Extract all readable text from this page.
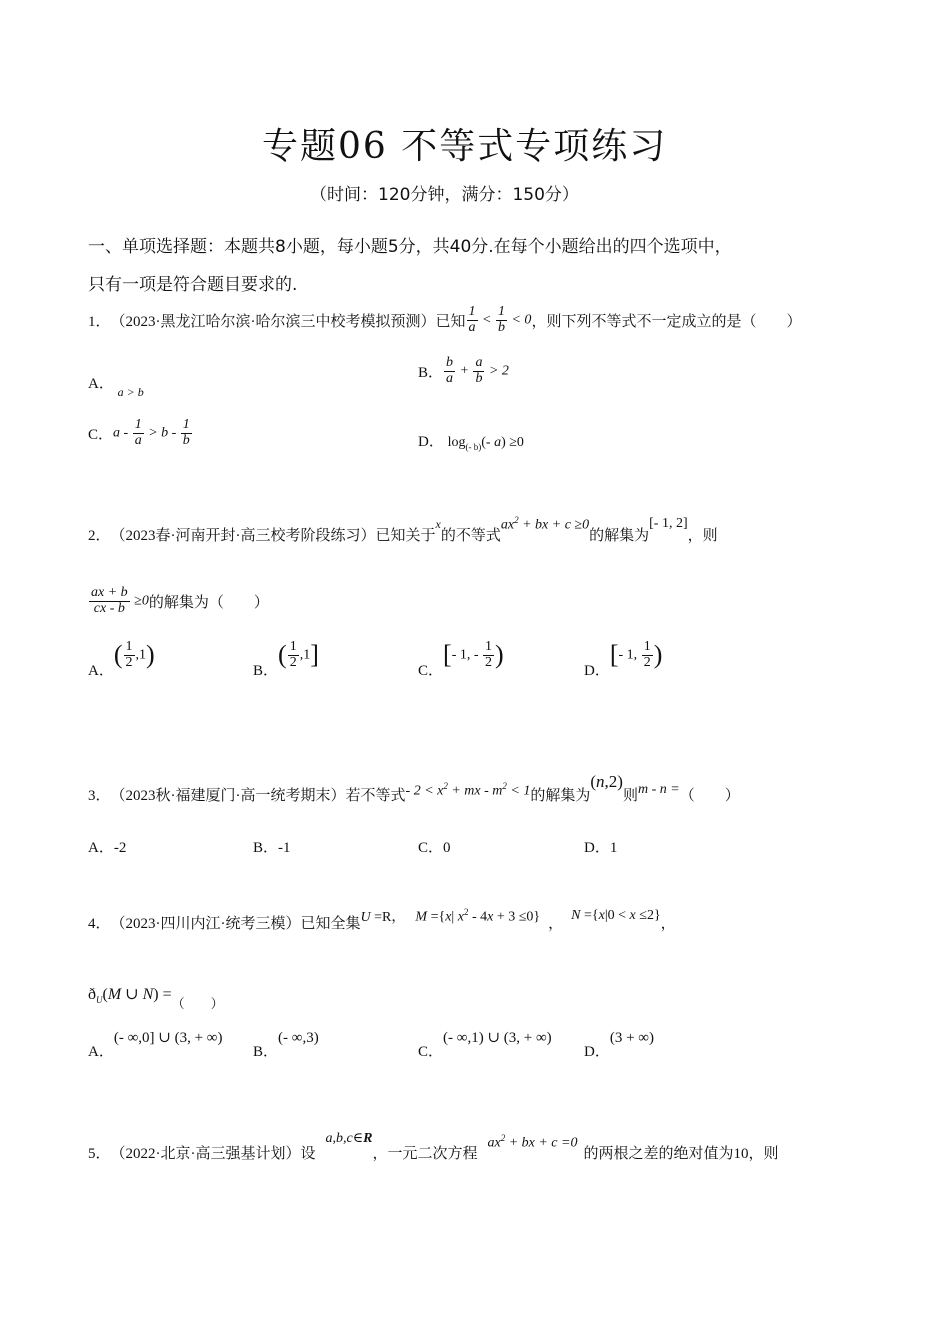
专题06 不等式专项练习
（时间：120分钟，满分：150分）
一、单项选择题：本题共8小题，每小题5分，共40分.在每个小题给出的四个选项中，
只有一项是符合题目要求的.
1． （2023·黑龙江哈尔滨·哈尔滨三中校考模拟预测） 已知 $\frac{1}{a} < \frac{1}{b} < 0$ ，则下列不等式不一定成立的是（　　）
A． $_{a > b}$
B． $\frac{b}{a} + \frac{a}{b} > 2$
C． $a - \frac{1}{a} > b - \frac{1}{b}$	D． $\log_{(- b)}(-$ a) ≥0
2． （2023春·河南开封·高三校考阶段练习） 已知关于
x
的不等式
$ax^2$ + bx + c ≥0
的解集为
[- 1, 2]
，则
$\frac{ax + b}{cx - b} \ge 0$ 的解集为（　　）
A．
( $\frac{1}{2} ,1$)
B．
( $\frac{1}{2} ,1$]
C．
[- 1, - $\frac{1}{2}$ )
D．
[- 1, $\frac{1}{2}$ )
3． （2023秋·福建厦门·高一统考期末） 若不等式 - $2 < x^2$ + mx - $m^2 < 1$ 的解集为
(n,2)
则 m - n = （　　）
A．-2	B．-1	C．0	D．1
4． （2023·四川内江·统考三模） 已知全集 U =R， M ={x| $x^2 - 4x + 3 \le 0$} ， N ={x|0 < x ≤2} ，
$ð_U(M$ ∪ N) =
（　　）
A．
(- ∞,0] ∪ (3, + ∞)
B．
(- ∞,3)
C．
(- ∞,1) ∪ (3, + ∞)
D．
(3 + ∞)
5． （2022·北京·高三强基计划） 设
a,b,c∈R
，一元二次方程
$ax^2$ + bx + c =0
的两根之差的绝对值为10，则
